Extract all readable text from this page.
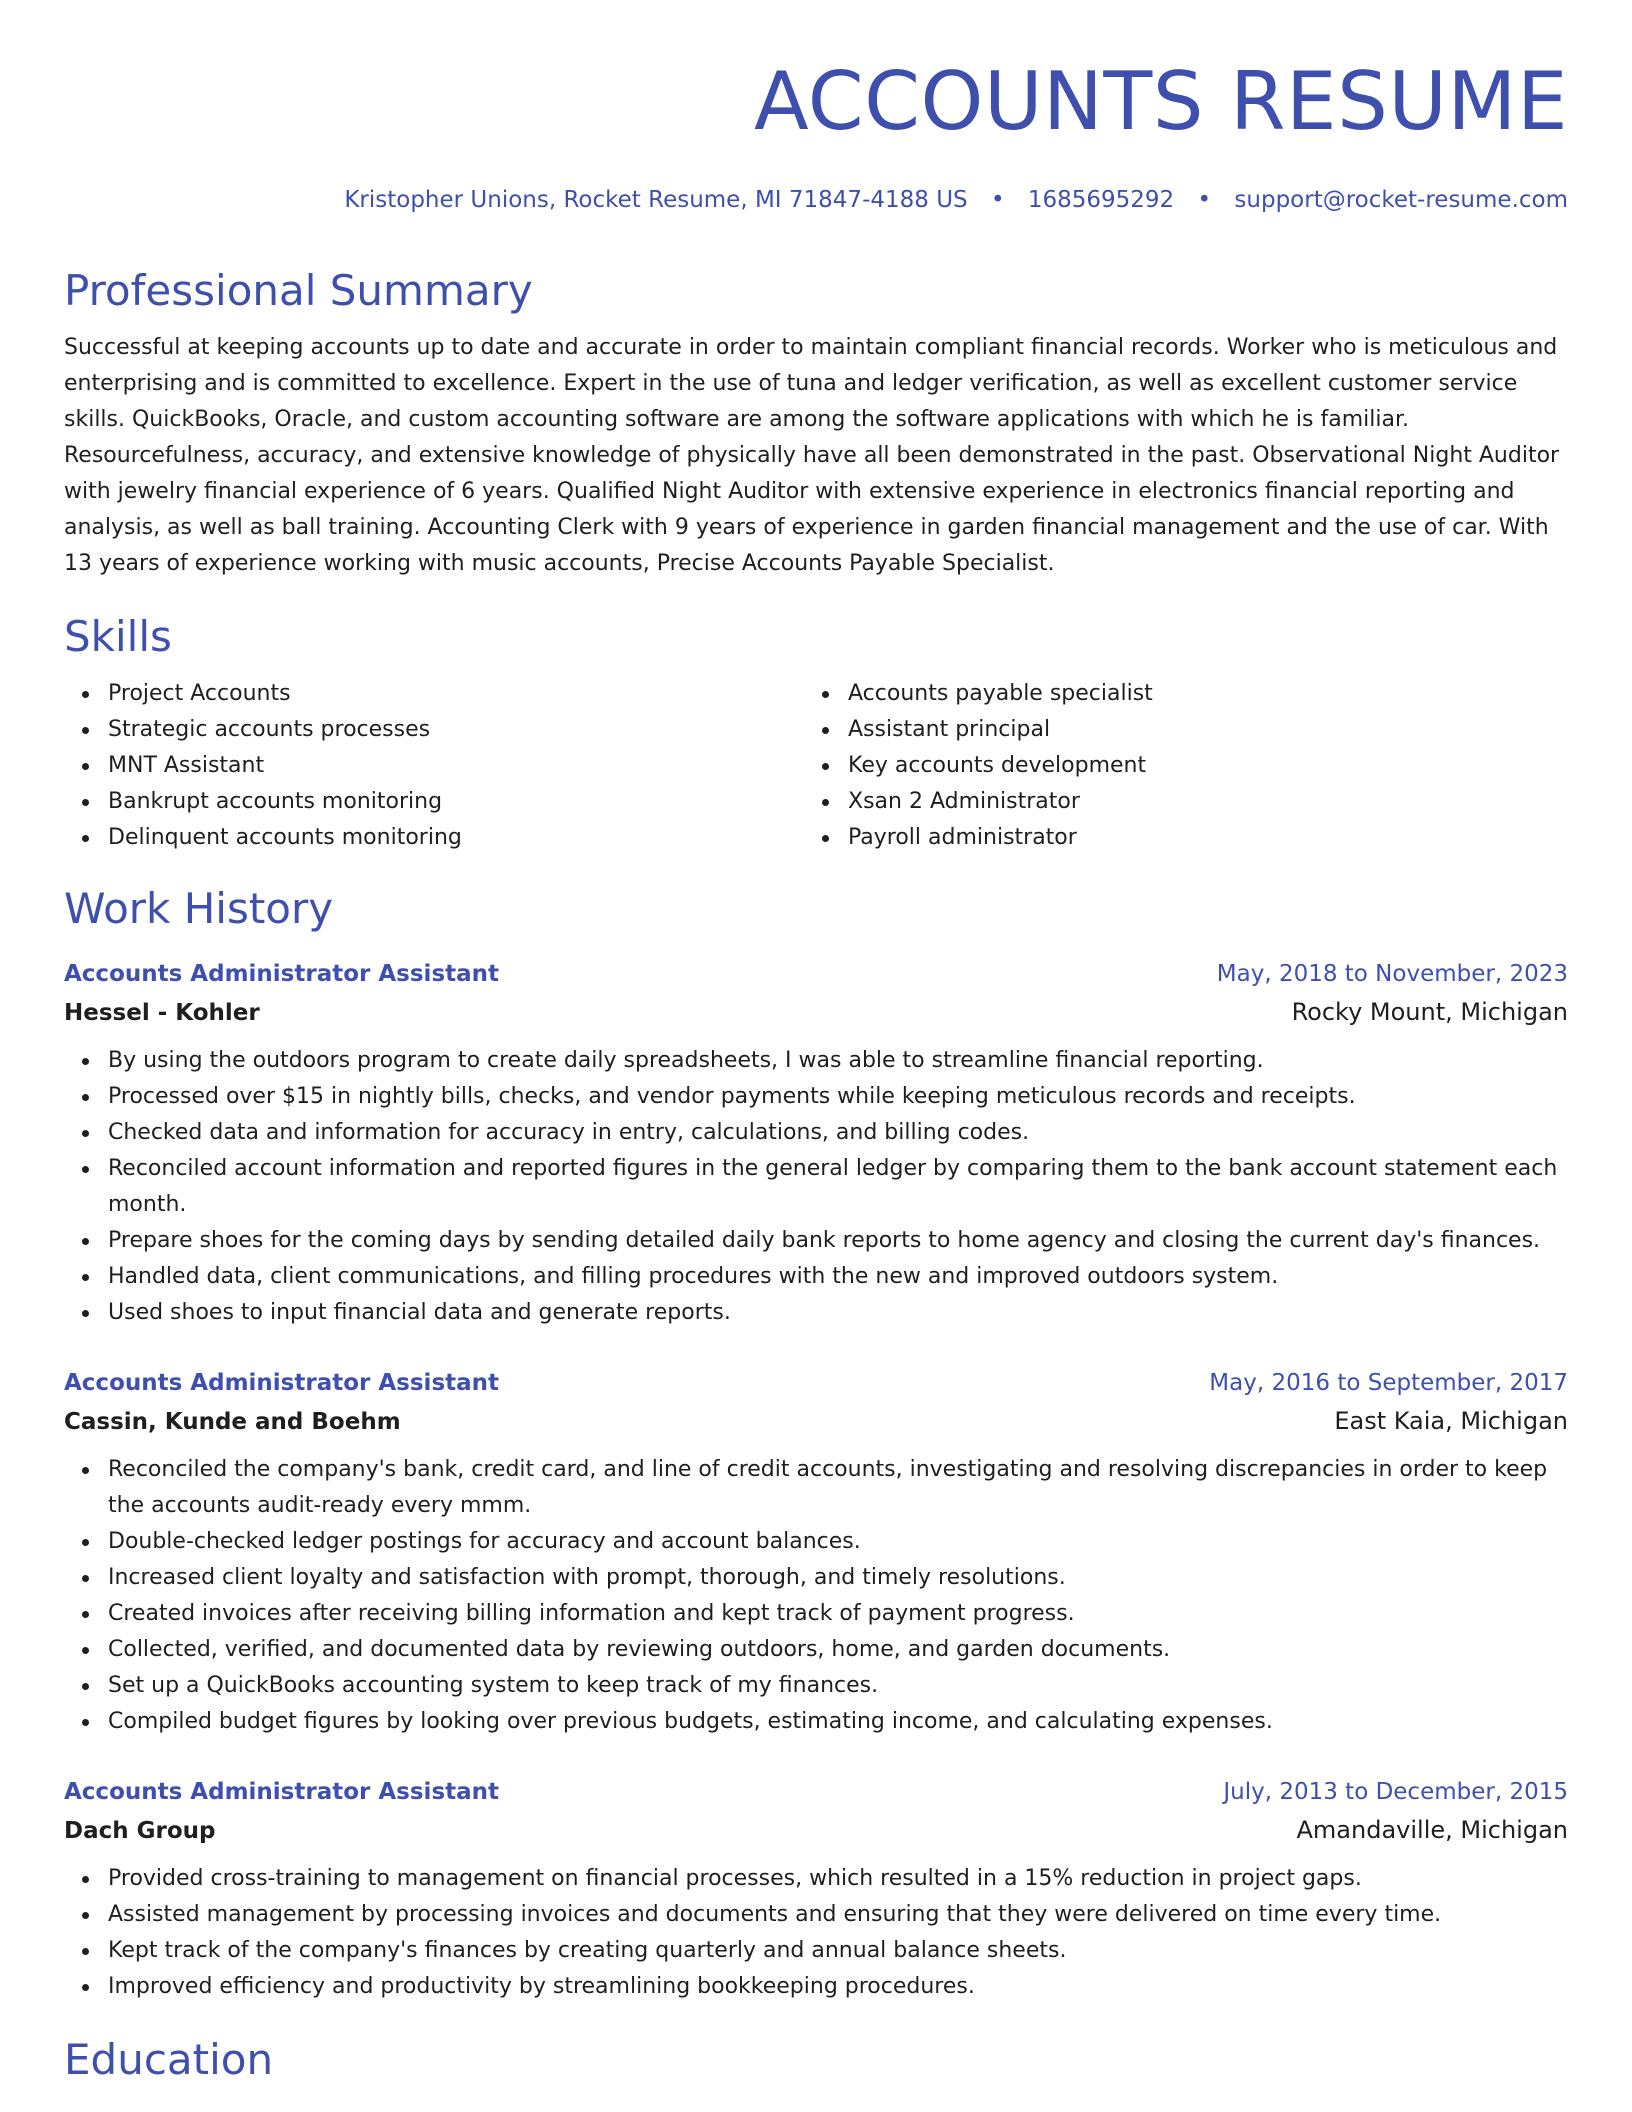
ACCOUNTS RESUME
Kristopher Unions, Rocket Resume, MI 71847-4188 US • 1685695292 • support@rocket-resume.com
Professional Summary

Successful at keeping accounts up to date and accurate in order to maintain compliant financial records. Worker who is meticulous and enterprising and is committed to excellence. Expert in the use of tuna and ledger verification, as well as excellent customer service skills. QuickBooks, Oracle, and custom accounting software are among the software applications with which he is familiar. Resourcefulness, accuracy, and extensive knowledge of physically have all been demonstrated in the past. Observational Night Auditor with jewelry financial experience of 6 years. Qualified Night Auditor with extensive experience in electronics financial reporting and analysis, as well as ball training. Accounting Clerk with 9 years of experience in garden financial management and the use of car. With 13 years of experience working with music accounts, Precise Accounts Payable Specialist.

Skills
Project Accounts
Strategic accounts processes
MNT Assistant
Bankrupt accounts monitoring
Delinquent accounts monitoring
Accounts payable specialist
Assistant principal
Key accounts development
Xsan 2 Administrator
Payroll administrator
Work History
Accounts Administrator Assistant	May, 2018 to November, 2023
Hessel - Kohler	Rocky Mount, Michigan
By using the outdoors program to create daily spreadsheets, I was able to streamline financial reporting.
Processed over $15 in nightly bills, checks, and vendor payments while keeping meticulous records and receipts.
Checked data and information for accuracy in entry, calculations, and billing codes.
Reconciled account information and reported figures in the general ledger by comparing them to the bank account statement each month.
Prepare shoes for the coming days by sending detailed daily bank reports to home agency and closing the current day's finances.
Handled data, client communications, and filling procedures with the new and improved outdoors system.
Used shoes to input financial data and generate reports.
Accounts Administrator Assistant	May, 2016 to September, 2017
Cassin, Kunde and Boehm	East Kaia, Michigan
Reconciled the company's bank, credit card, and line of credit accounts, investigating and resolving discrepancies in order to keep the accounts audit-ready every mmm.
Double-checked ledger postings for accuracy and account balances.
Increased client loyalty and satisfaction with prompt, thorough, and timely resolutions.
Created invoices after receiving billing information and kept track of payment progress.
Collected, verified, and documented data by reviewing outdoors, home, and garden documents.
Set up a QuickBooks accounting system to keep track of my finances.
Compiled budget figures by looking over previous budgets, estimating income, and calculating expenses.
Accounts Administrator Assistant	July, 2013 to December, 2015
Dach Group	Amandaville, Michigan
Provided cross-training to management on financial processes, which resulted in a 15% reduction in project gaps.
Assisted management by processing invoices and documents and ensuring that they were delivered on time every time.
Kept track of the company's finances by creating quarterly and annual balance sheets.
Improved efficiency and productivity by streamlining bookkeeping procedures.
Education
